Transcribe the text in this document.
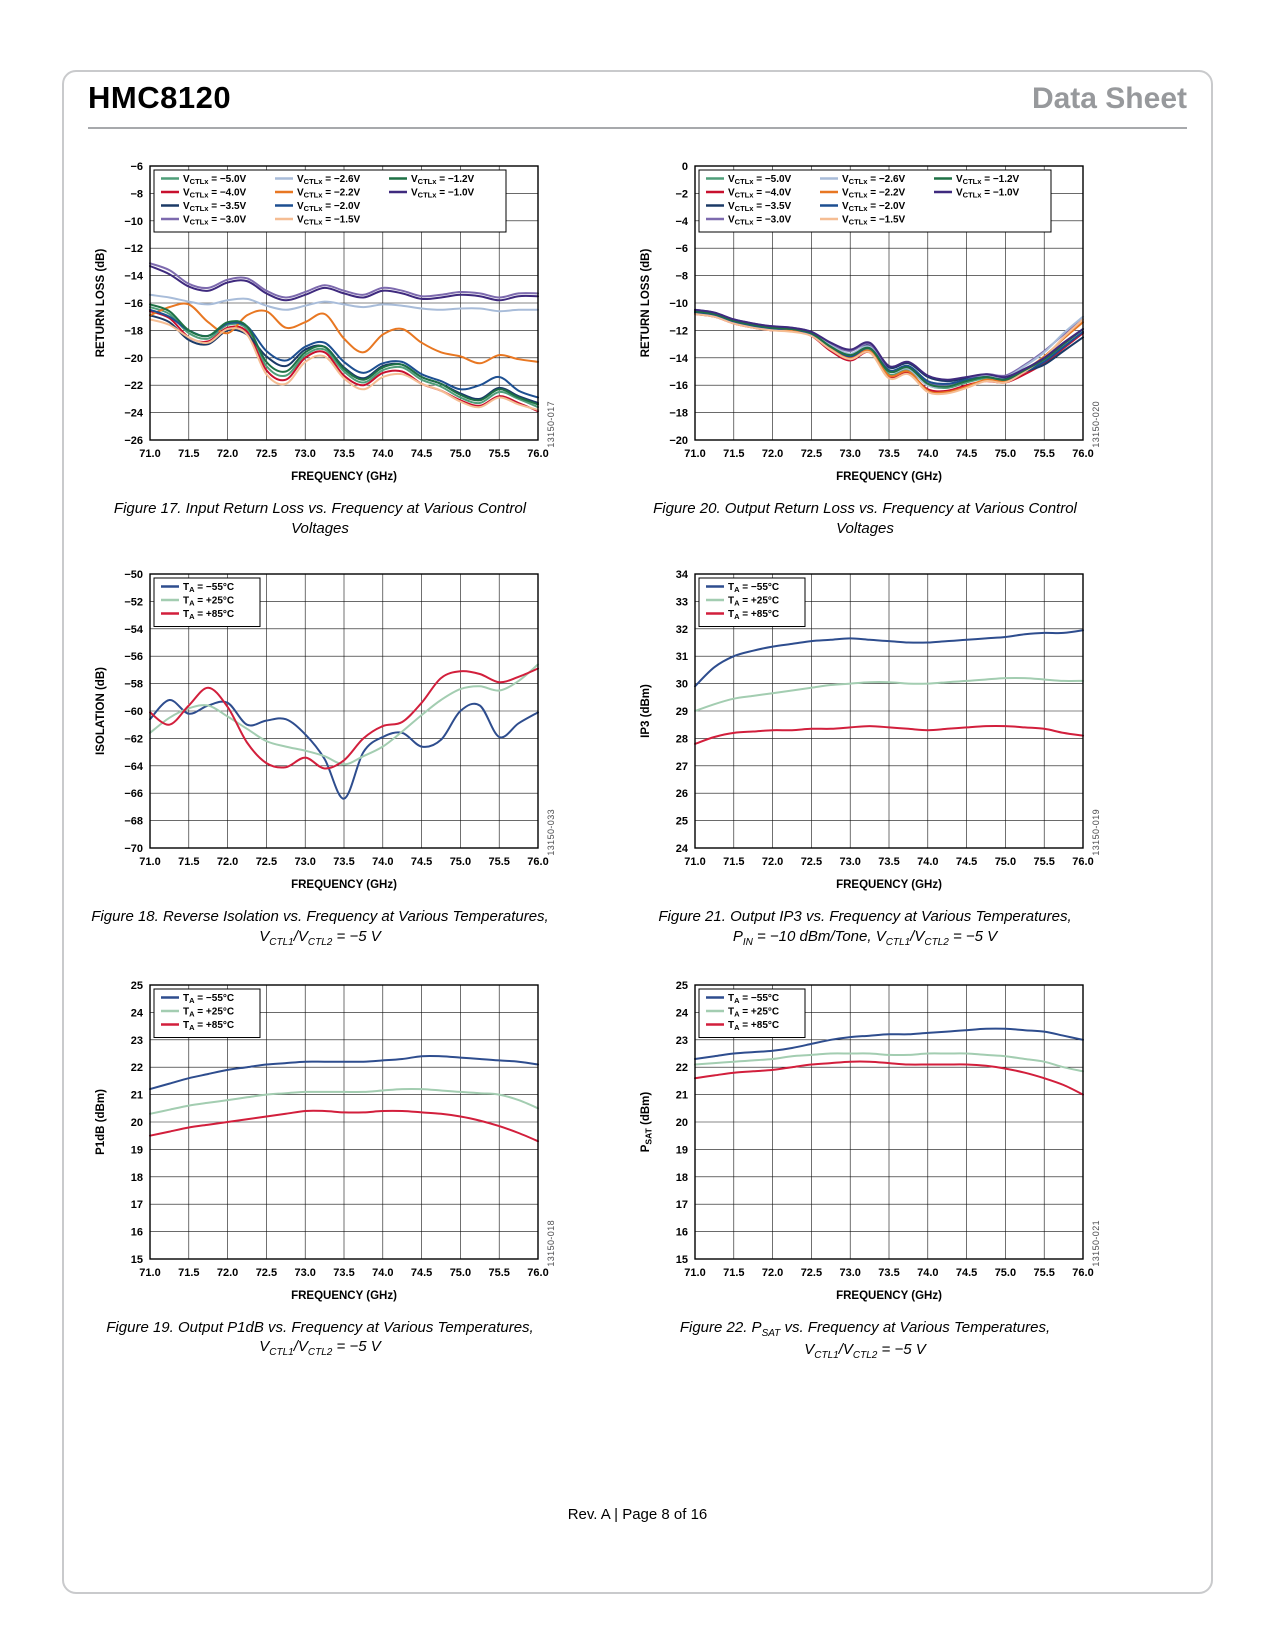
HMC8120	Data Sheet
71.0 71.5 72.0 72.5 73.0 73.5 74.0 74.5 75.0 75.5 76.0
−6
−8
−10
−12
−14
−16
−18
−20
−22
−24
−26
FREQUENCY (GHz)
RETURN LOSS (dB)
$V_{CTLx} = -5.0V$
$V_{CTLx} = -4.0V$
$V_{CTLx} = -3.5V$
$V_{CTLx} = -3.0V$
$V_{CTLx} = -2.6V$
$V_{CTLx} = -2.2V$
$V_{CTLx} = -2.0V$
$V_{CTLx} = -1.5V$
$V_{CTLx} = -1.2V$
$V_{CTLx} = -1.0V$
13150-017
Figure 17. Input Return Loss vs. Frequency at Various Control Voltages
71.0 71.5 72.0 72.5 73.0 73.5 74.0 74.5 75.0 75.5 76.0
0
−2
−4
−6
−8
−10
−12
−14
−16
−18
−20
FREQUENCY (GHz)
RETURN LOSS (dB)
$V_{CTLx} = -5.0V$
$V_{CTLx} = -4.0V$
$V_{CTLx} = -3.5V$
$V_{CTLx} = -3.0V$
$V_{CTLx} = -2.6V$
$V_{CTLx} = -2.2V$
$V_{CTLx} = -2.0V$
$V_{CTLx} = -1.5V$
$V_{CTLx} = -1.2V$
$V_{CTLx} = -1.0V$
13150-020
Figure 20. Output Return Loss vs. Frequency at Various Control Voltages
71.0 71.5 72.0 72.5 73.0 73.5 74.0 74.5 75.0 75.5 76.0
−50
−52
−54
−56
−58
−60
−62
−64
−66
−68
−70
FREQUENCY (GHz)
ISOLATION (dB)
$T_A = -55^\circ C$
$T_A = +25^\circ C$
$T_A = +85^\circ C$
13150-033
Figure 18. Reverse Isolation vs. Frequency at Various Temperatures,
$V_{CTL1}/V_{CTL2} = -5$ V
71.0 71.5 72.0 72.5 73.0 73.5 74.0 74.5 75.0 75.5 76.0
34
33
32
31
30
29
28
27
26
25
24
FREQUENCY (GHz)
IP3 (dBm)
$T_A = -55^\circ C$
$T_A = +25^\circ C$
$T_A = +85^\circ C$
13150-019
Figure 21. Output IP3 vs. Frequency at Various Temperatures,
$P_{IN} = -10$ dBm/Tone, $V_{CTL1}/V_{CTL2} = -5$ V
71.0 71.5 72.0 72.5 73.0 73.5 74.0 74.5 75.0 75.5 76.0
25
24
23
22
21
20
19
18
17
16
15
FREQUENCY (GHz)
P1dB (dBm)
$T_A = -55^\circ C$
$T_A = +25^\circ C$
$T_A = +85^\circ C$
13150-018
Figure 19. Output P1dB vs. Frequency at Various Temperatures,
$V_{CTL1}/V_{CTL2} = -5$ V
71.0 71.5 72.0 72.5 73.0 73.5 74.0 74.5 75.0 75.5 76.0
25
24
23
22
21
20
19
18
17
16
15
FREQUENCY (GHz)
$P_{SAT}$ (dBm)
$T_A = -55^\circ C$
$T_A = +25^\circ C$
$T_A = +85^\circ C$
13150-021
Figure 22. $P_{SAT}$ vs. Frequency at Various Temperatures,
$V_{CTL1}/V_{CTL2} = -5$ V
Rev. A | Page 8 of 16
